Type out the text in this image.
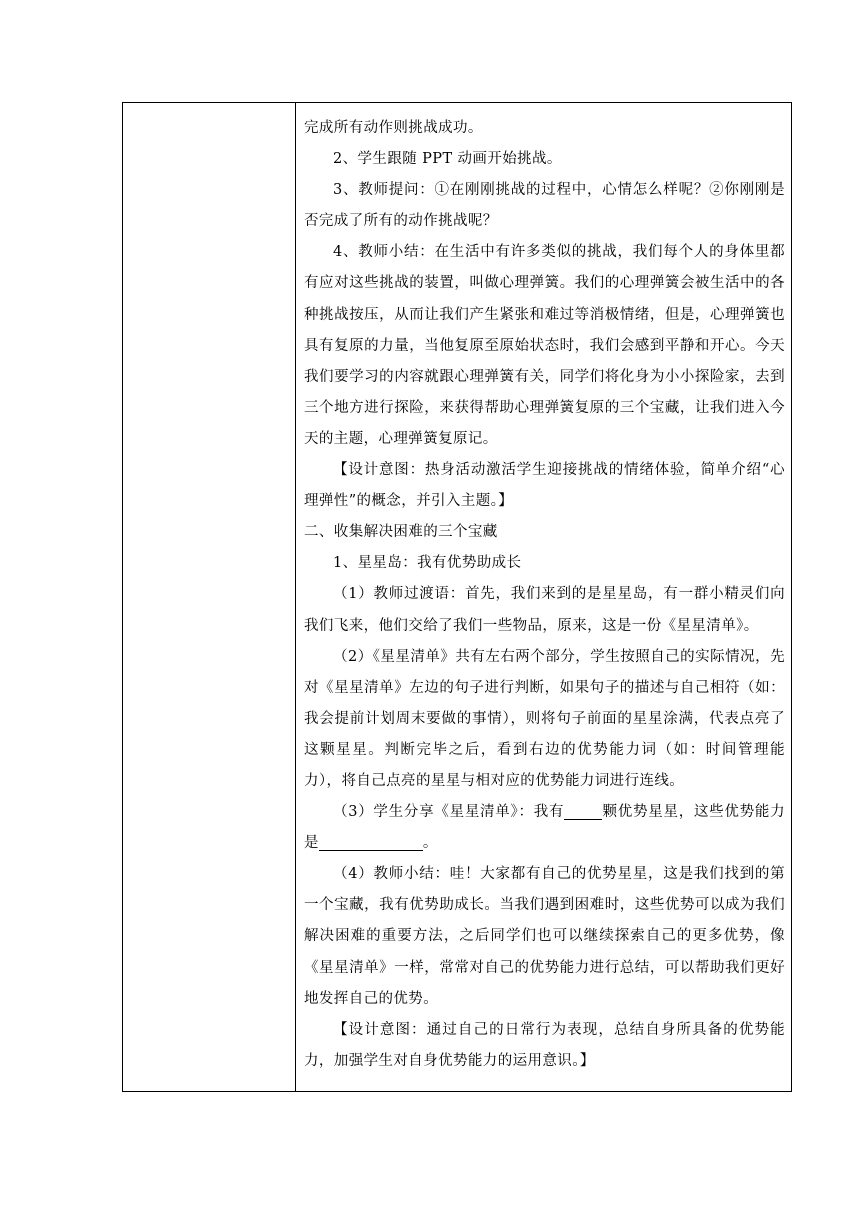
完成所有动作则挑战成功。

2、学生跟随 PPT 动画开始挑战。

3、教师提问：①在刚刚挑战的过程中，心情怎么样呢？②你刚刚是否完成了所有的动作挑战呢？

4、教师小结：在生活中有许多类似的挑战，我们每个人的身体里都有应对这些挑战的装置，叫做心理弹簧。我们的心理弹簧会被生活中的各种挑战按压，从而让我们产生紧张和难过等消极情绪，但是，心理弹簧也具有复原的力量，当他复原至原始状态时，我们会感到平静和开心。今天我们要学习的内容就跟心理弹簧有关，同学们将化身为小小探险家，去到三个地方进行探险，来获得帮助心理弹簧复原的三个宝藏，让我们进入今天的主题，心理弹簧复原记。

【设计意图：热身活动激活学生迎接挑战的情绪体验，简单介绍“心理弹性”的概念，并引入主题。】

二、收集解决困难的三个宝藏

1、星星岛：我有优势助成长

（1）教师过渡语：首先，我们来到的是星星岛，有一群小精灵们向我们飞来，他们交给了我们一些物品，原来，这是一份《星星清单》。

（2）《星星清单》共有左右两个部分，学生按照自己的实际情况，先对《星星清单》左边的句子进行判断，如果句子的描述与自己相符（如：我会提前计划周末要做的事情），则将句子前面的星星涂满，代表点亮了这颗星星。判断完毕之后，看到右边的优势能力词（如：时间管理能力），将自己点亮的星星与相对应的优势能力词进行连线。

（3）学生分享《星星清单》：我有	颗优势星星，这些优势能力是	。

（4）教师小结：哇！大家都有自己的优势星星，这是我们找到的第一个宝藏，我有优势助成长。当我们遇到困难时，这些优势可以成为我们解决困难的重要方法，之后同学们也可以继续探索自己的更多优势，像《星星清单》一样，常常对自己的优势能力进行总结，可以帮助我们更好地发挥自己的优势。

【设计意图：通过自己的日常行为表现，总结自身所具备的优势能力，加强学生对自身优势能力的运用意识。】
